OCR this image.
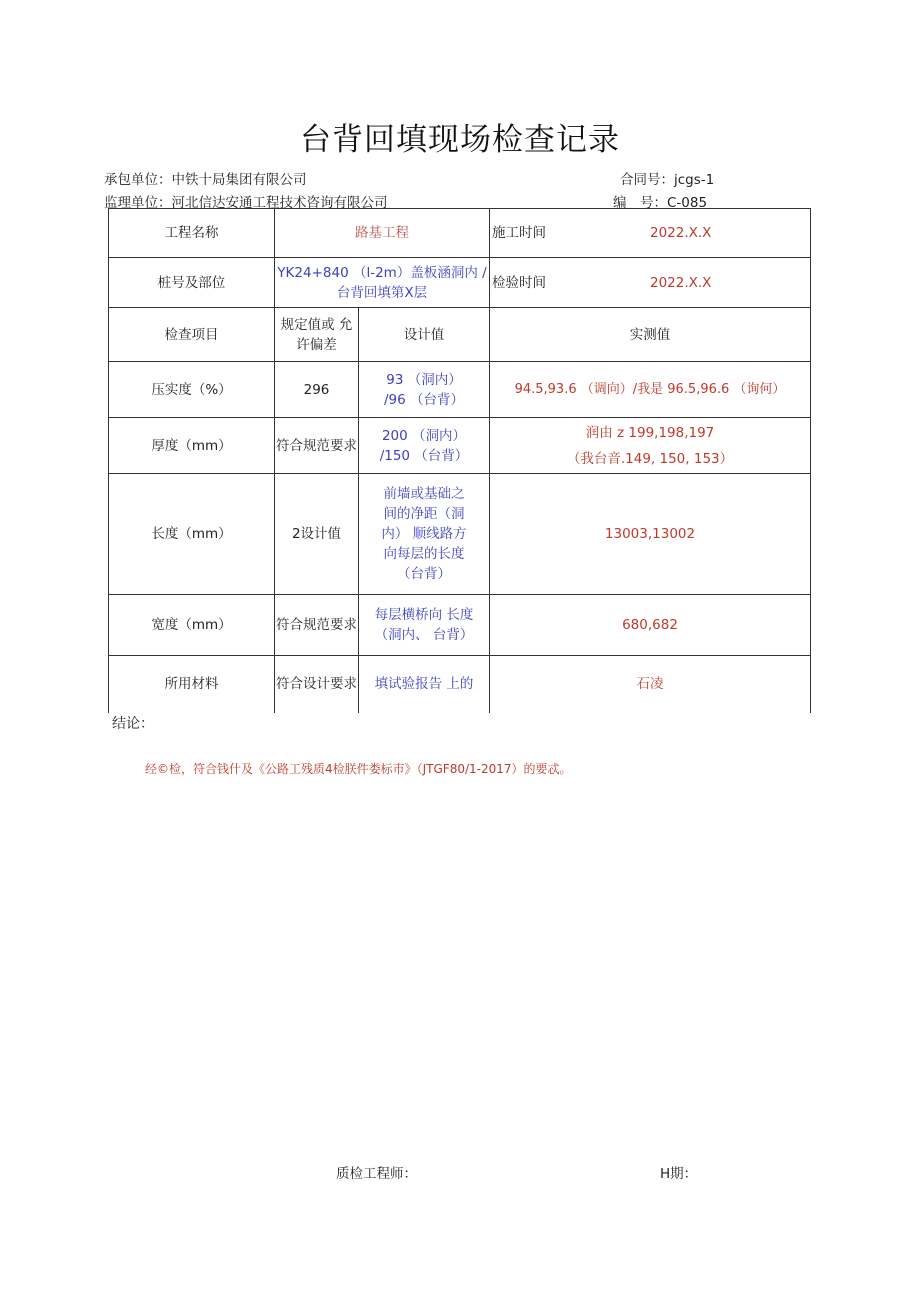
台背回填现场检查记录
承包单位：中铁十局集团有限公司	合同号：jcgs-1
监理单位：河北信达安通工程技术咨询有限公司	编　号：C-085
工程名称	路基工程		施工时间 2022.X.X

桩号及部位	YK24+840 （l-2m）盖板涵洞内 / 台背回填第X层		检验时间 2022.X.X

检查项目	规定值或 允许偏差	设计值	实测值
压实度（%）	296	93 （洞内） /96 （台背）	94.5,93.6 （调向）/我是 96.5,96.6 （询何）
厚度（mm）	符合规范要求	200 （洞内） /150 （台背）	润由 z 199,198,197
（我台音.149, 150, 153）

长度（mm）	2设计值	前墙或基础之间的净距（洞内） 顺线路方向每层的长度（台背）	13003,13002
宽度（mm）	符合规范要求	每层横桥向 长度（洞内、 台背）	680,682
所用材料	符合设计要求	填试验报告 上的	石凌
结论：
经©检，符合钱什及《公路工残质4检朕件娄标市》（JTGF80/1-2017）的要忒。
质检工程师：	H期：
